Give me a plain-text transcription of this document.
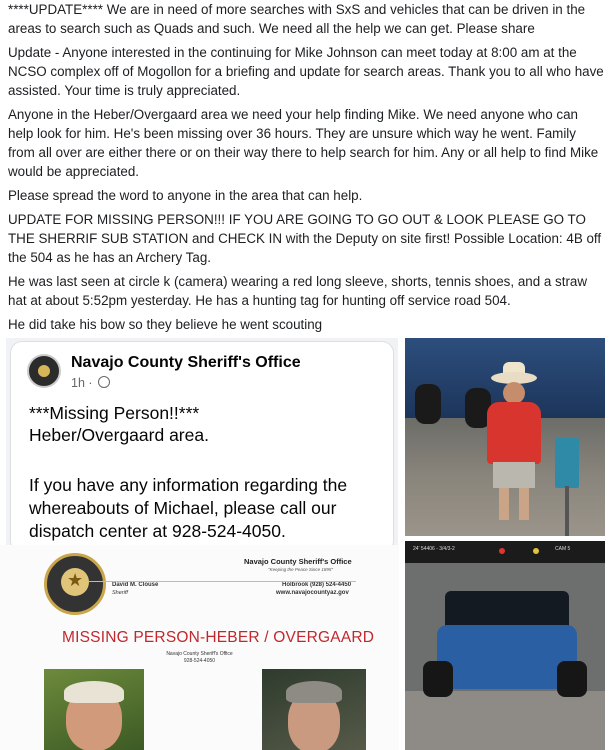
****UPDATE**** We are in need of more searches with SxS and vehicles that can be driven in the areas to search such as Quads and such. We need all the help we can get. Please share

Update - Anyone interested in the continuing for Mike Johnson can meet today at 8:00 am at the NCSO complex off of Mogollon for a briefing and update for search areas. Thank you to all who have assisted. Your time is truly appreciated.

Anyone in the Heber/Overgaard area we need your help finding Mike. We need anyone who can help look for him. He's been missing over 36 hours. They are unsure which way he went. Family from all over are either there or on their way there to help search for him. Any or all help to find Mike would be appreciated.

Please spread the word to anyone in the area that can help.

UPDATE FOR MISSING PERSON!!! IF YOU ARE GOING TO GO OUT & LOOK PLEASE GO TO THE SHERRIF SUB STATION and CHECK IN with the Deputy on site first! Possible Location: 4B off the 504 as he has an Archery Tag.

He was last seen at circle k (camera) wearing a red long sleeve, shorts, tennis shoes, and a straw hat at about 5:52pm yesterday. He has a hunting tag for hunting off service road 504.

He did take his bow so they believe he went scouting

Navajo County Sheriff's Office
1h ·
***Missing Person!!***
Heber/Overgaard area.
If you have any information regarding the whereabouts of Michael, please call our dispatch center at 928-524-4050.
★
Navajo County Sheriff's Office
"Keeping the Peace Since 1895"
David M. Clouse
Sheriff
Holbrook (928) 524-4450
www.navajocountyaz.gov
MISSING PERSON-HEBER / OVERGAARD
Navajo County Sheriff's Office
928-524-4050
24' 54406 - 3/4/3-2	CAM 5
